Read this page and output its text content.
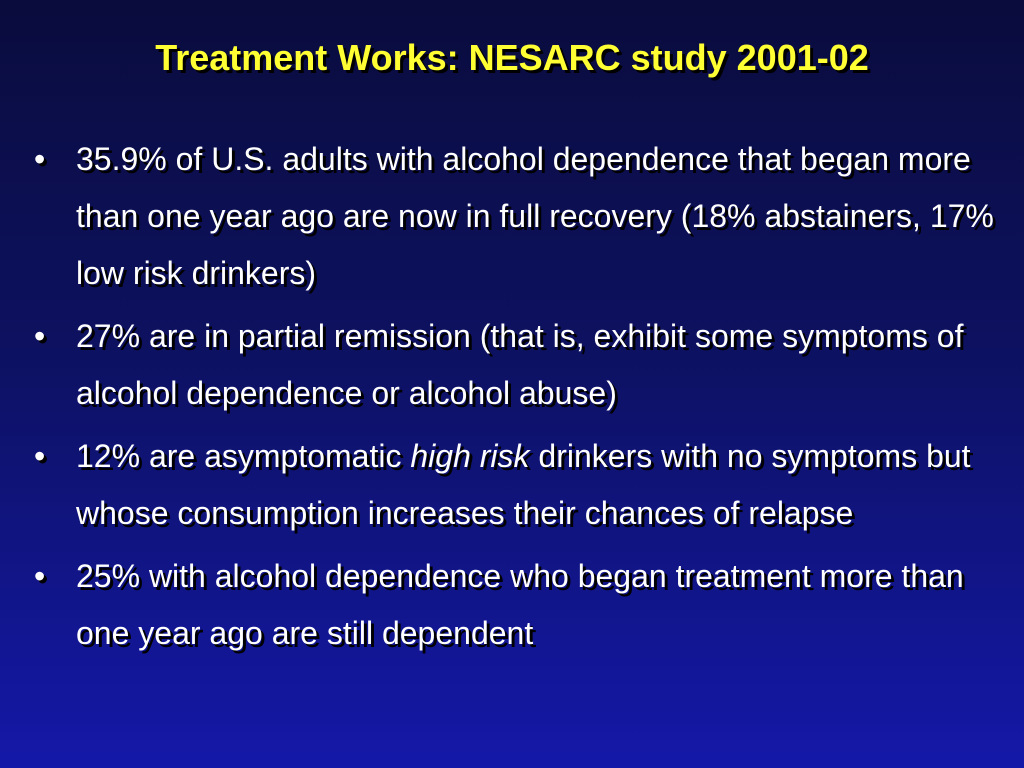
Treatment Works: NESARC study 2001-02
• 35.9% of U.S. adults with alcohol dependence that began more than one year ago are now in full recovery (18% abstainers, 17% low risk drinkers)
• 27% are in partial remission (that is, exhibit some symptoms of alcohol dependence or alcohol abuse)
• 12% are asymptomatic high risk drinkers with no symptoms but whose consumption increases their chances of relapse
• 25% with alcohol dependence who began treatment more than one year ago are still dependent
